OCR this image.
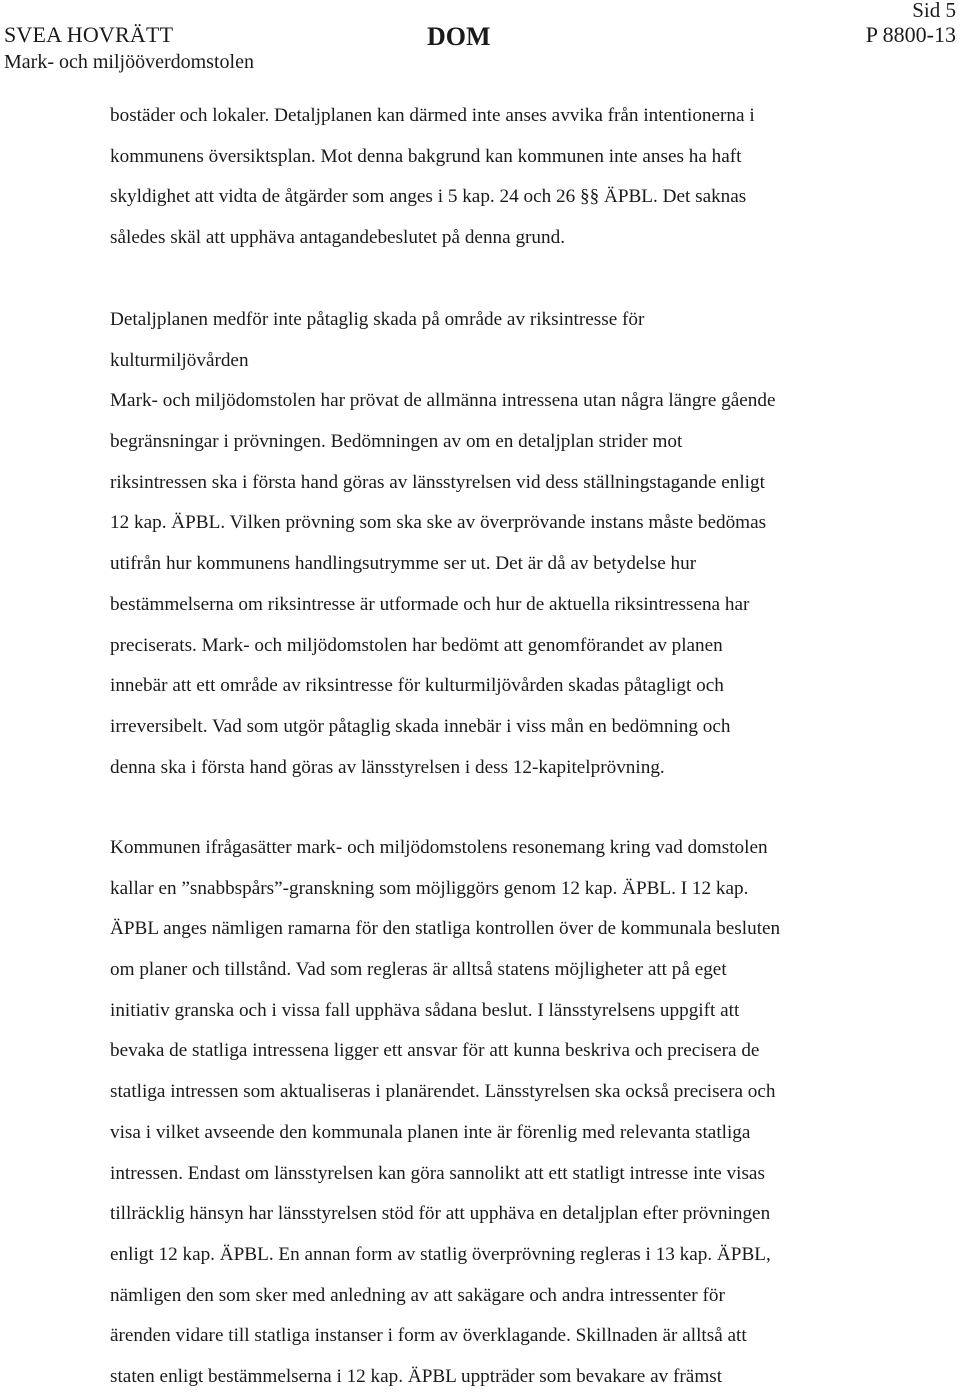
SVEA HOVRÄTT
Mark- och miljööverdomstolen
DOM
Sid 5
P 8800-13
bostäder och lokaler. Detaljplanen kan därmed inte anses avvika från intentionerna i
kommunens översiktsplan. Mot denna bakgrund kan kommunen inte anses ha haft
skyldighet att vidta de åtgärder som anges i 5 kap. 24 och 26 §§ ÄPBL. Det saknas
således skäl att upphäva antagandebeslutet på denna grund.
Detaljplanen medför inte påtaglig skada på område av riksintresse för
kulturmiljövården
Mark- och miljödomstolen har prövat de allmänna intressena utan några längre gående
begränsningar i prövningen. Bedömningen av om en detaljplan strider mot
riksintressen ska i första hand göras av länsstyrelsen vid dess ställningstagande enligt
12 kap. ÄPBL. Vilken prövning som ska ske av överprövande instans måste bedömas
utifrån hur kommunens handlingsutrymme ser ut. Det är då av betydelse hur
bestämmelserna om riksintresse är utformade och hur de aktuella riksintressena har
preciserats. Mark- och miljödomstolen har bedömt att genomförandet av planen
innebär att ett område av riksintresse för kulturmiljövården skadas påtagligt och
irreversibelt. Vad som utgör påtaglig skada innebär i viss mån en bedömning och
denna ska i första hand göras av länsstyrelsen i dess 12-kapitelprövning.
Kommunen ifrågasätter mark- och miljödomstolens resonemang kring vad domstolen
kallar en ”snabbspårs”-granskning som möjliggörs genom 12 kap. ÄPBL. I 12 kap.
ÄPBL anges nämligen ramarna för den statliga kontrollen över de kommunala besluten
om planer och tillstånd. Vad som regleras är alltså statens möjligheter att på eget
initiativ granska och i vissa fall upphäva sådana beslut. I länsstyrelsens uppgift att
bevaka de statliga intressena ligger ett ansvar för att kunna beskriva och precisera de
statliga intressen som aktualiseras i planärendet. Länsstyrelsen ska också precisera och
visa i vilket avseende den kommunala planen inte är förenlig med relevanta statliga
intressen. Endast om länsstyrelsen kan göra sannolikt att ett statligt intresse inte visas
tillräcklig hänsyn har länsstyrelsen stöd för att upphäva en detaljplan efter prövningen
enligt 12 kap. ÄPBL. En annan form av statlig överprövning regleras i 13 kap. ÄPBL,
nämligen den som sker med anledning av att sakägare och andra intressenter för
ärenden vidare till statliga instanser i form av överklagande. Skillnaden är alltså att
staten enligt bestämmelserna i 12 kap. ÄPBL uppträder som bevakare av främst
